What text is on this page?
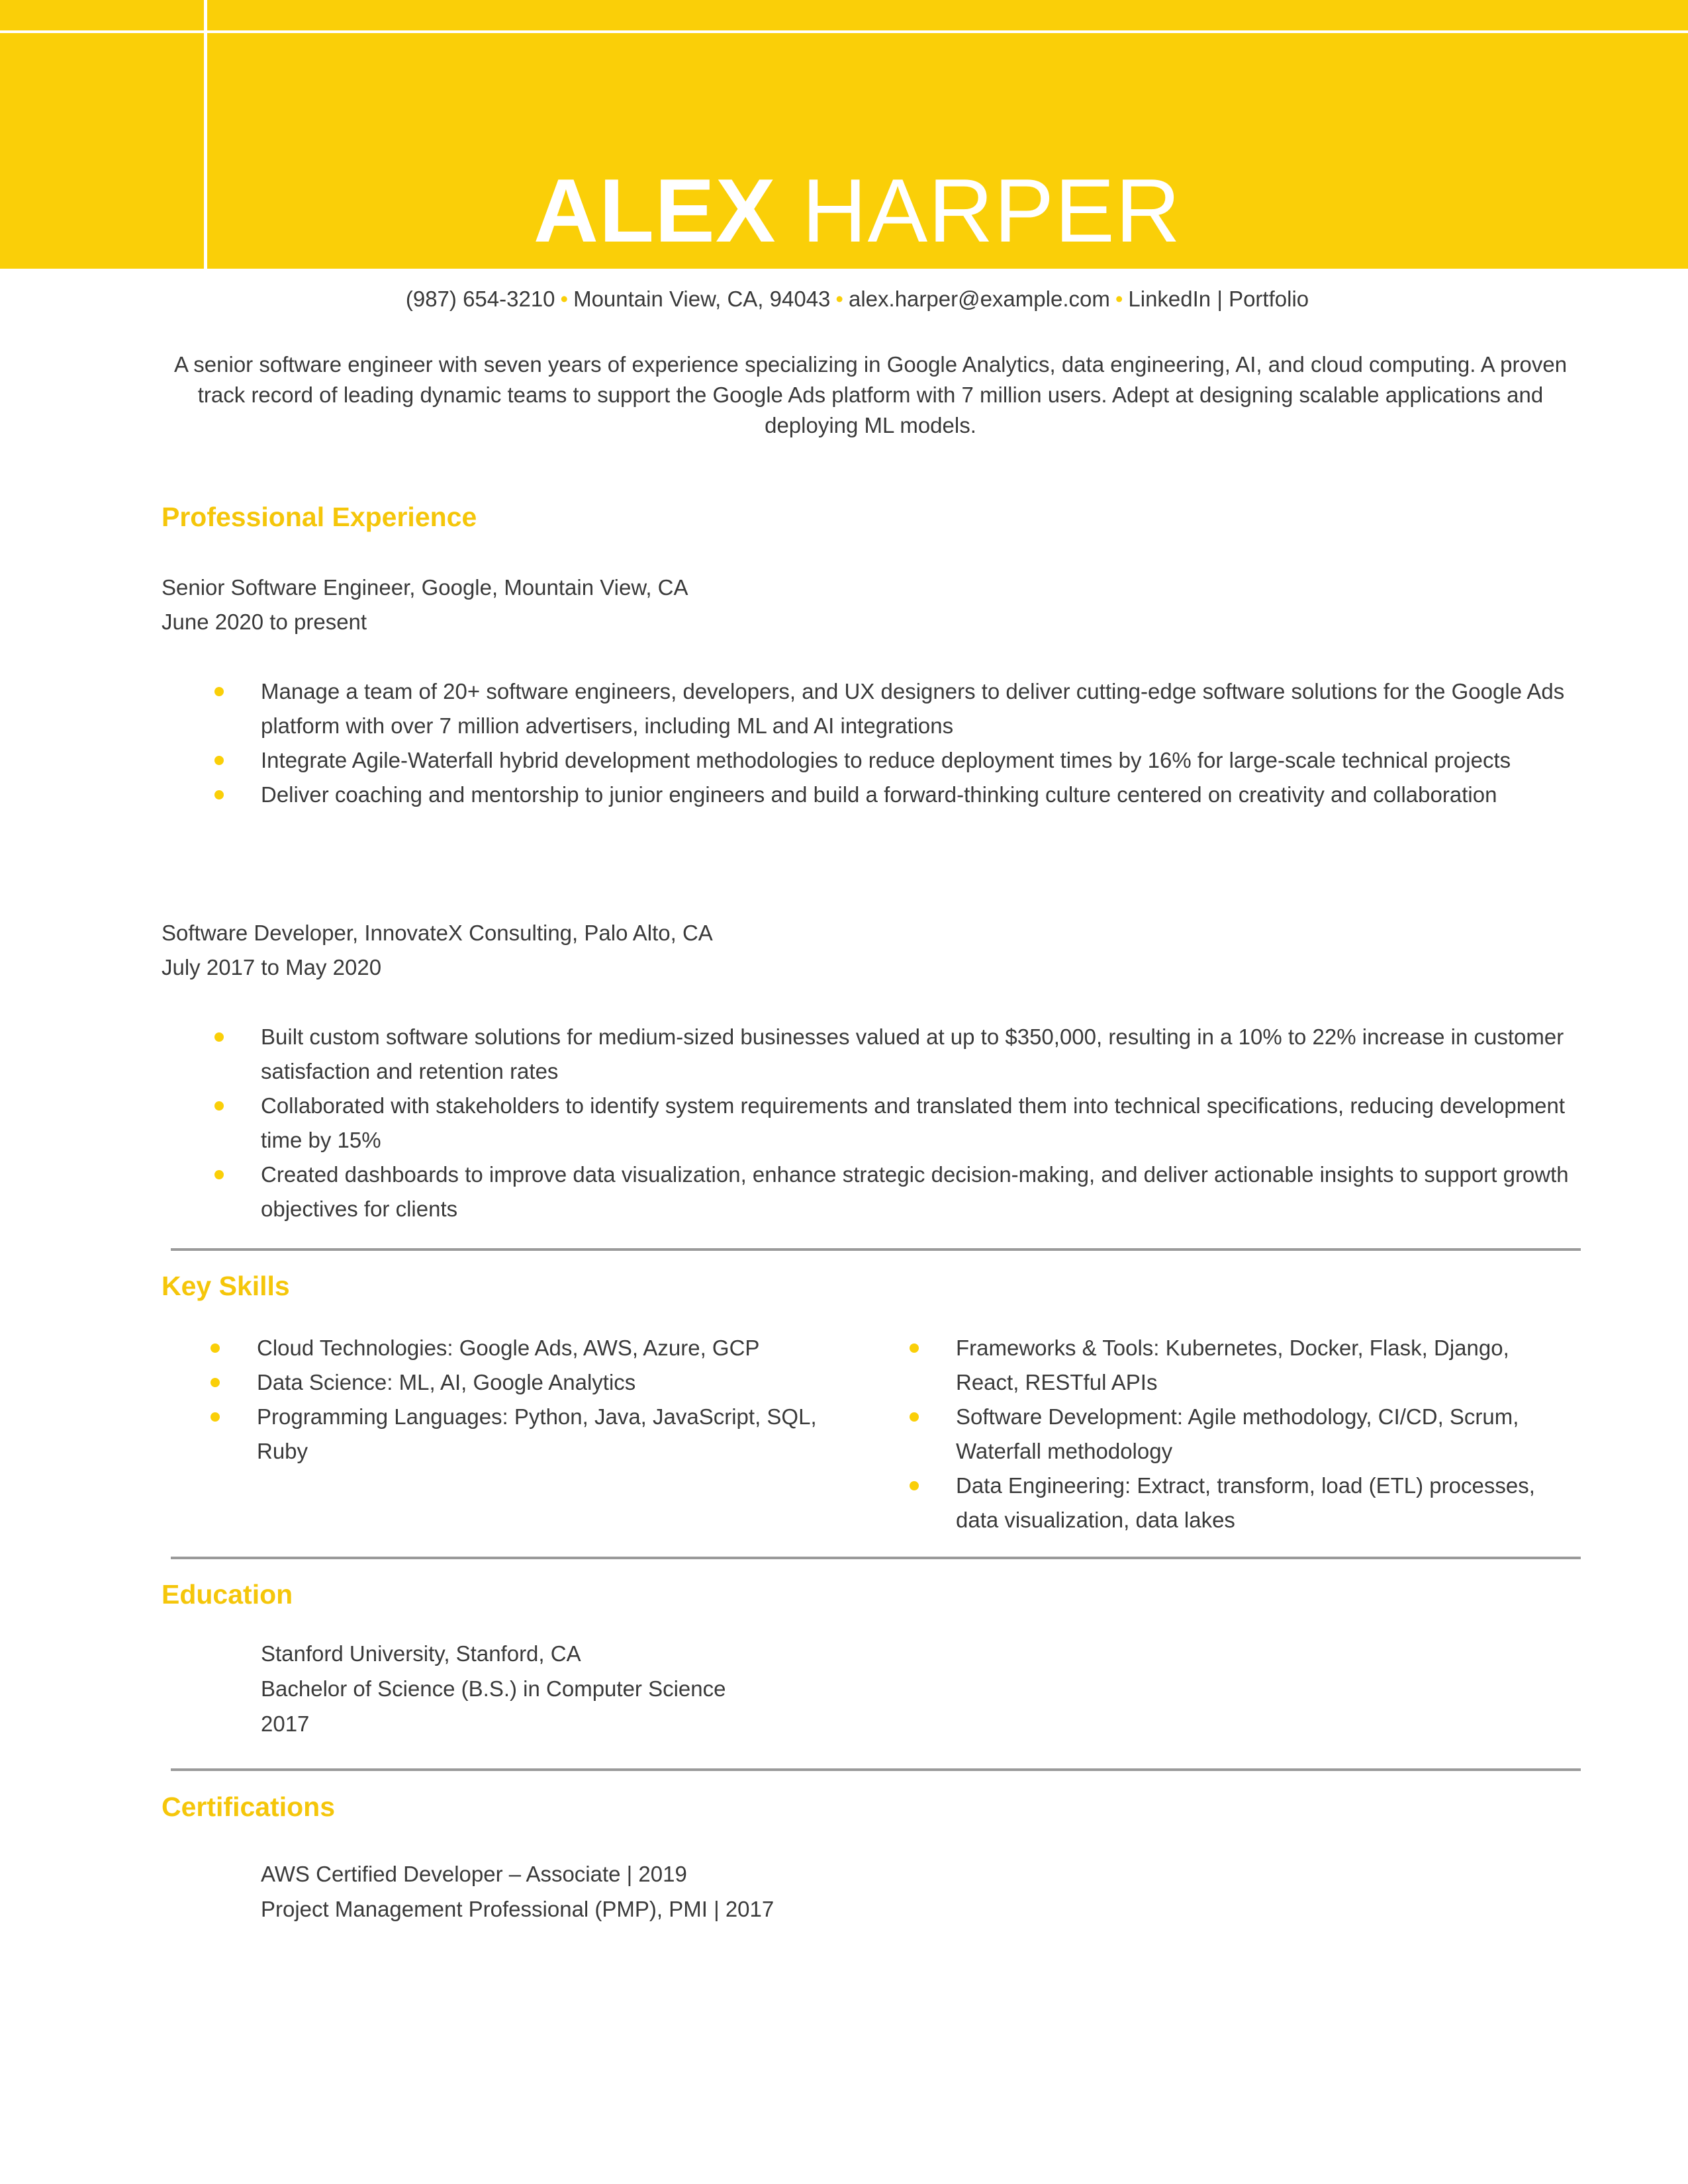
ALEX HARPER
(987) 654-3210 • Mountain View, CA, 94043 • alex.harper@example.com • LinkedIn | Portfolio

A senior software engineer with seven years of experience specializing in Google Analytics, data engineering, AI, and cloud computing. A proven track record of leading dynamic teams to support the Google Ads platform with 7 million users. Adept at designing scalable applications and deploying ML models.

Professional Experience
Senior Software Engineer, Google, Mountain View, CA
June 2020 to present
Manage a team of 20+ software engineers, developers, and UX designers to deliver cutting-edge software solutions for the Google Ads platform with over 7 million advertisers, including ML and AI integrations
Integrate Agile-Waterfall hybrid development methodologies to reduce deployment times by 16% for large-scale technical projects
Deliver coaching and mentorship to junior engineers and build a forward-thinking culture centered on creativity and collaboration
Software Developer, InnovateX Consulting, Palo Alto, CA
July 2017 to May 2020
Built custom software solutions for medium-sized businesses valued at up to $350,000, resulting in a 10% to 22% increase in customer satisfaction and retention rates
Collaborated with stakeholders to identify system requirements and translated them into technical specifications, reducing development time by 15%
Created dashboards to improve data visualization, enhance strategic decision-making, and deliver actionable insights to support growth objectives for clients
Key Skills
Cloud Technologies: Google Ads, AWS, Azure, GCP
Data Science: ML, AI, Google Analytics
Programming Languages: Python, Java, JavaScript, SQL, Ruby
Frameworks & Tools: Kubernetes, Docker, Flask, Django, React, RESTful APIs
Software Development: Agile methodology, CI/CD, Scrum, Waterfall methodology
Data Engineering: Extract, transform, load (ETL) processes, data visualization, data lakes
Education
Stanford University, Stanford, CA
Bachelor of Science (B.S.) in Computer Science
2017
Certifications
AWS Certified Developer – Associate | 2019
Project Management Professional (PMP), PMI | 2017
